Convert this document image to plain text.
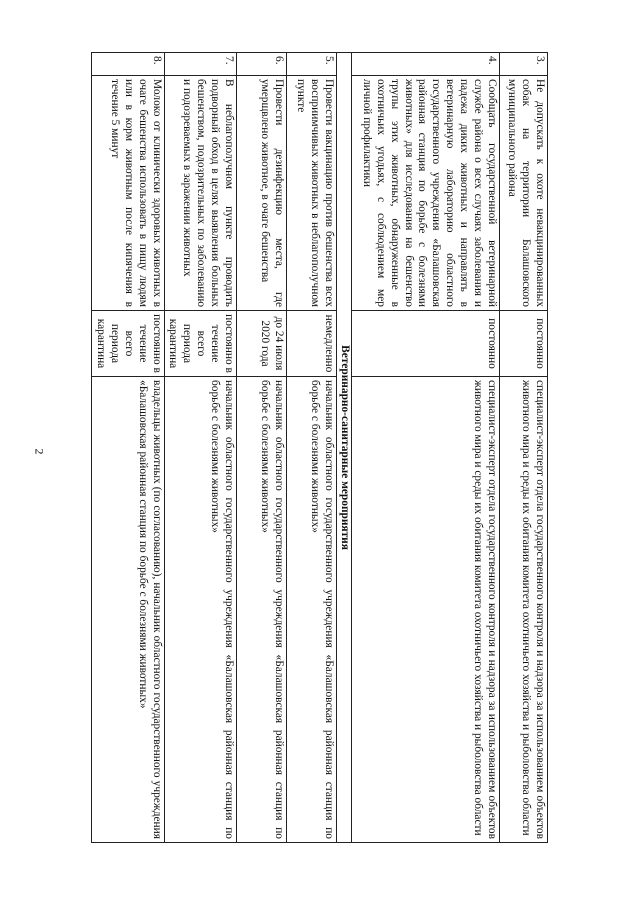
2
3.	Не допускать к охоте невакцинированных собак на территории Балашовского муниципального района	постоянно	специалист-эксперт отдела государственного контроля и надзора за использованием объектов животного мира и среды их обитания комитета охотничьего хозяйства и рыболовства области
4.	Сообщать государственной ветеринарной службе района о всех случаях заболевания и падежа диких животных и направлять в ветеринарную лабораторию областного государственного учреждения «Балашовская районная станция по борьбе с болезнями животных» для исследования на бешенство трупы этих животных, обнаруженные в охотничьих угодьях, с соблюдением мер личной профилактики	постоянно	специалист-эксперт отдела государственного контроля и надзора за использованием объектов животного мира и среды их обитания комитета охотничьего хозяйства и рыболовства области
Ветеринарно-санитарные мероприятия			
5.	Провести вакцинацию против бешенства всех восприимчивых животных в неблагополучном пункте	немедленно	начальник областного государственного учреждения «Балашовская районная станция по борьбе с болезнями животных»
6.	Провести дезинфекцию места, где умерщвлено животное, в очаге бешенства	до 24 июля 2020 года	начальник областного государственного учреждения «Балашовская районная станция по борьбе с болезнями животных»
7.	В неблагополучном пункте проводить подворный обход в целях выявления больных бешенством, подозрительных по заболеванию и подозреваемых в заражении животных	постоянно в течение всего периода карантина	начальник областного государственного учреждения «Балашовская районная станция по борьбе с болезнями животных»
8.	Молоко от клинически здоровых животных в очаге бешенства использовать в пищу людям или в корм животным после кипячения в течение 5 минут	постоянно в течение всего периода карантина	владельцы животных (по согласованию), начальник областного государственного учреждения «Балашовская районная станция по борьбе с болезнями животных»
